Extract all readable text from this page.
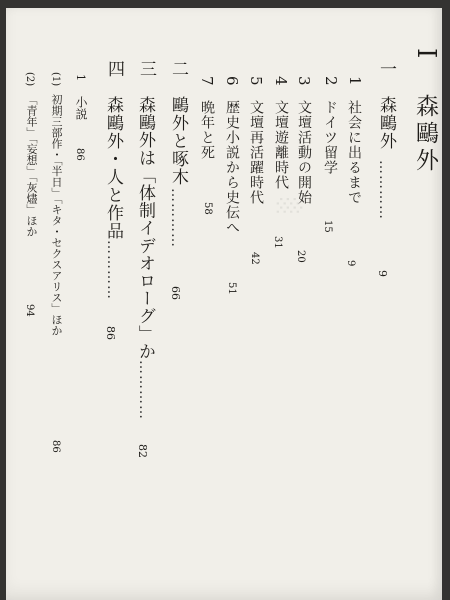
░
I
森鷗外
一
森鷗外
…………
9
1
社会に出るまで
9
2
ドイツ留学
15
3
文壇活動の開始
20
4
文壇遊離時代
31
5
文壇再活躍時代
42
6
歴史小説から史伝へ
51
7
晩年と死
58
二
鷗外と啄木
…………
66
三
森鷗外は「体制イデオローグ」か
…………
82
四
森鷗外・人と作品
…………
86
1
小説
86
(1)
初期三部作・「半日」「キタ・セクスアリス」ほか
86
(2)
「青年」「妄想」「灰燼」ほか
94
